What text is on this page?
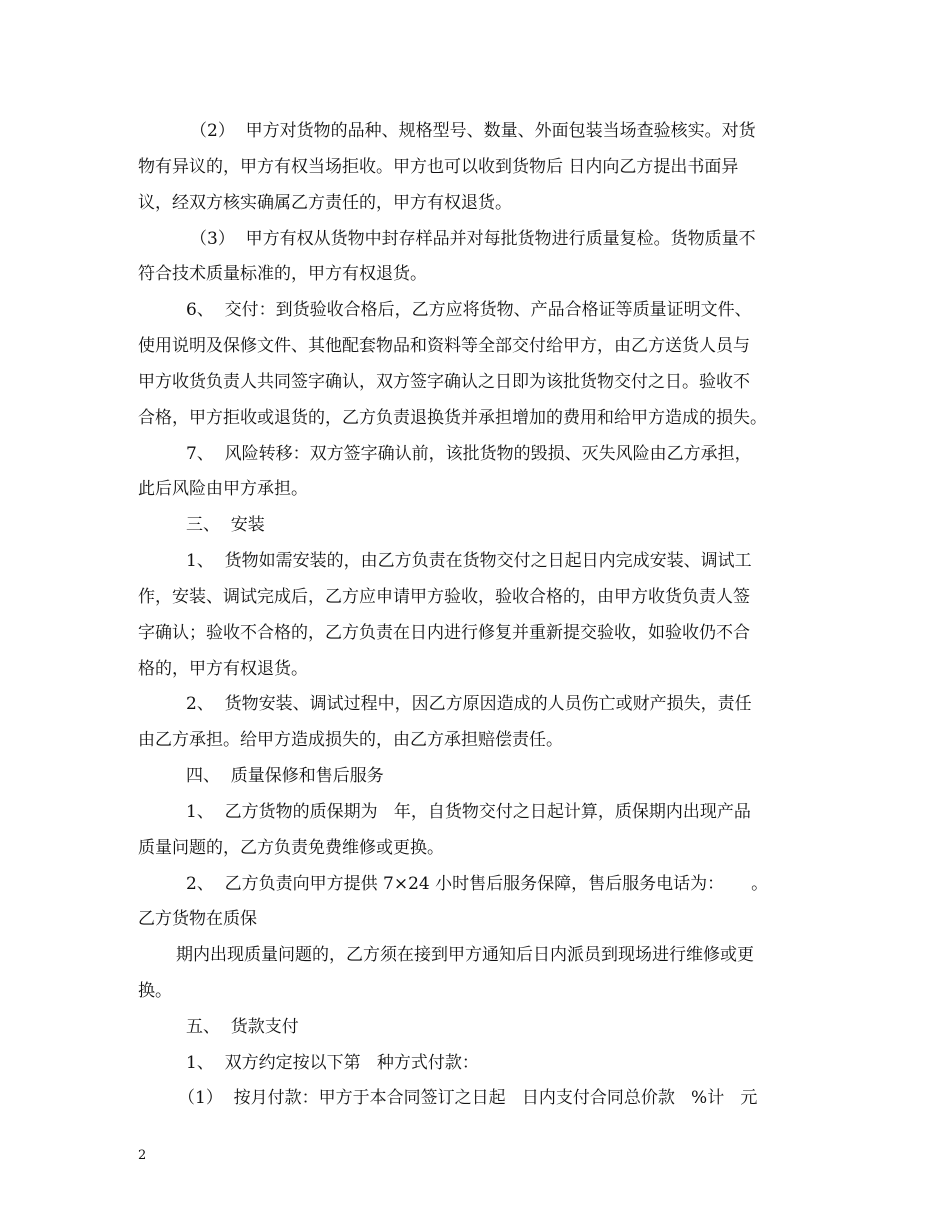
（2）  甲方对货物的品种、规格型号、数量、外面包装当场查验核实。对货
物有异议的，甲方有权当场拒收。甲方也可以收到货物后 日内向乙方提出书面异
议，经双方核实确属乙方责任的，甲方有权退货。
（3）  甲方有权从货物中封存样品并对每批货物进行质量复检。货物质量不
符合技术质量标准的，甲方有权退货。
6、  交付：到货验收合格后，乙方应将货物、产品合格证等质量证明文件、
使用说明及保修文件、其他配套物品和资料等全部交付给甲方，由乙方送货人员与
甲方收货负责人共同签字确认，双方签字确认之日即为该批货物交付之日。验收不
合格，甲方拒收或退货的，乙方负责退换货并承担增加的费用和给甲方造成的损失。
7、  风险转移：双方签字确认前，该批货物的毁损、灭失风险由乙方承担，
此后风险由甲方承担。
三、  安装
1、  货物如需安装的，由乙方负责在货物交付之日起日内完成安装、调试工
作，安装、调试完成后，乙方应申请甲方验收，验收合格的，由甲方收货负责人签
字确认；验收不合格的，乙方负责在日内进行修复并重新提交验收，如验收仍不合
格的，甲方有权退货。
2、  货物安装、调试过程中，因乙方原因造成的人员伤亡或财产损失，责任
由乙方承担。给甲方造成损失的，由乙方承担赔偿责任。
四、  质量保修和售后服务
1、  乙方货物的质保期为   年，自货物交付之日起计算，质保期内出现产品
质量问题的，乙方负责免费维修或更换。
2、  乙方负责向甲方提供 7×24 小时售后服务保障，售后服务电话为：     。
乙方货物在质保
期内出现质量问题的，乙方须在接到甲方通知后日内派员到现场进行维修或更
换。
五、  货款支付
1、  双方约定按以下第   种方式付款：
（1）  按月付款：甲方于本合同签订之日起   日内支付合同总价款   %计   元
2
